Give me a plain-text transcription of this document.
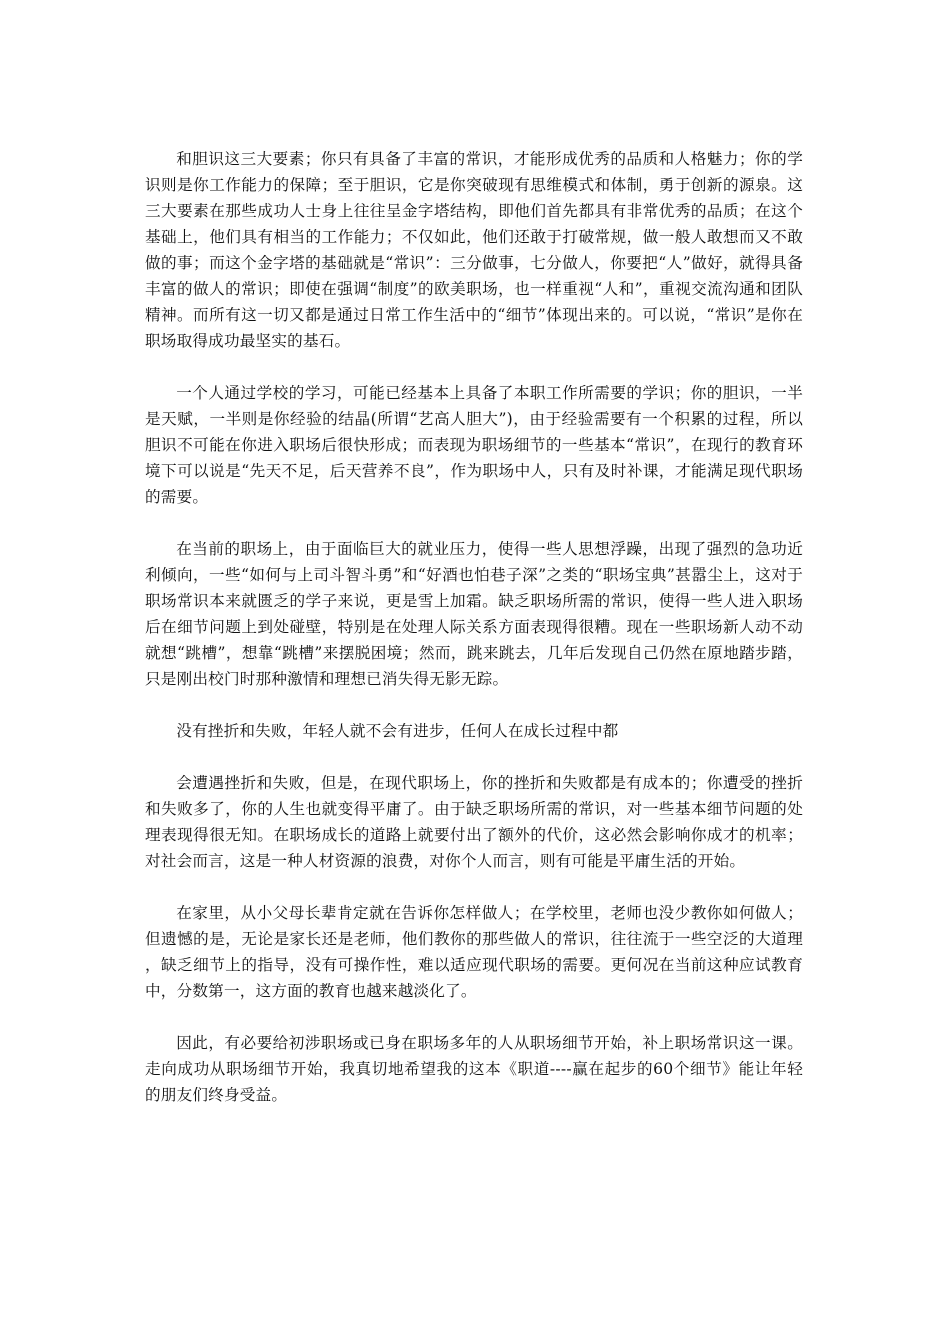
和胆识这三大要素；你只有具备了丰富的常识，才能形成优秀的品质和人格魅力；你的学识则是你工作能力的保障；至于胆识，它是你突破现有思维模式和体制，勇于创新的源泉。这三大要素在那些成功人士身上往往呈金字塔结构，即他们首先都具有非常优秀的品质；在这个基础上，他们具有相当的工作能力；不仅如此，他们还敢于打破常规，做一般人敢想而又不敢做的事；而这个金字塔的基础就是“常识”：三分做事，七分做人，你要把“人”做好，就得具备丰富的做人的常识；即使在强调“制度”的欧美职场，也一样重视“人和”，重视交流沟通和团队精神。而所有这一切又都是通过日常工作生活中的“细节”体现出来的。可以说，“常识”是你在职场取得成功最坚实的基石。

一个人通过学校的学习，可能已经基本上具备了本职工作所需要的学识；你的胆识，一半是天赋，一半则是你经验的结晶(所谓“艺高人胆大”)，由于经验需要有一个积累的过程，所以胆识不可能在你进入职场后很快形成；而表现为职场细节的一些基本“常识”，在现行的教育环境下可以说是“先天不足，后天营养不良”，作为职场中人，只有及时补课，才能满足现代职场的需要。

在当前的职场上，由于面临巨大的就业压力，使得一些人思想浮躁，出现了强烈的急功近利倾向，一些“如何与上司斗智斗勇”和“好酒也怕巷子深”之类的“职场宝典”甚嚣尘上，这对于职场常识本来就匮乏的学子来说，更是雪上加霜。缺乏职场所需的常识，使得一些人进入职场后在细节问题上到处碰壁，特别是在处理人际关系方面表现得很糟。现在一些职场新人动不动就想“跳槽”，想靠“跳槽”来摆脱困境；然而，跳来跳去，几年后发现自己仍然在原地踏步踏，只是刚出校门时那种激情和理想已消失得无影无踪。

没有挫折和失败，年轻人就不会有进步，任何人在成长过程中都

会遭遇挫折和失败，但是，在现代职场上，你的挫折和失败都是有成本的；你遭受的挫折和失败多了，你的人生也就变得平庸了。由于缺乏职场所需的常识，对一些基本细节问题的处理表现得很无知。在职场成长的道路上就要付出了额外的代价，这必然会影响你成才的机率；对社会而言，这是一种人材资源的浪费，对你个人而言，则有可能是平庸生活的开始。

在家里，从小父母长辈肯定就在告诉你怎样做人；在学校里，老师也没少教你如何做人；但遗憾的是，无论是家长还是老师，他们教你的那些做人的常识，往往流于一些空泛的大道理，缺乏细节上的指导，没有可操作性，难以适应现代职场的需要。更何况在当前这种应试教育中，分数第一，这方面的教育也越来越淡化了。

因此，有必要给初涉职场或已身在职场多年的人从职场细节开始，补上职场常识这一课。走向成功从职场细节开始，我真切地希望我的这本《职道----赢在起步的60个细节》能让年轻的朋友们终身受益。
